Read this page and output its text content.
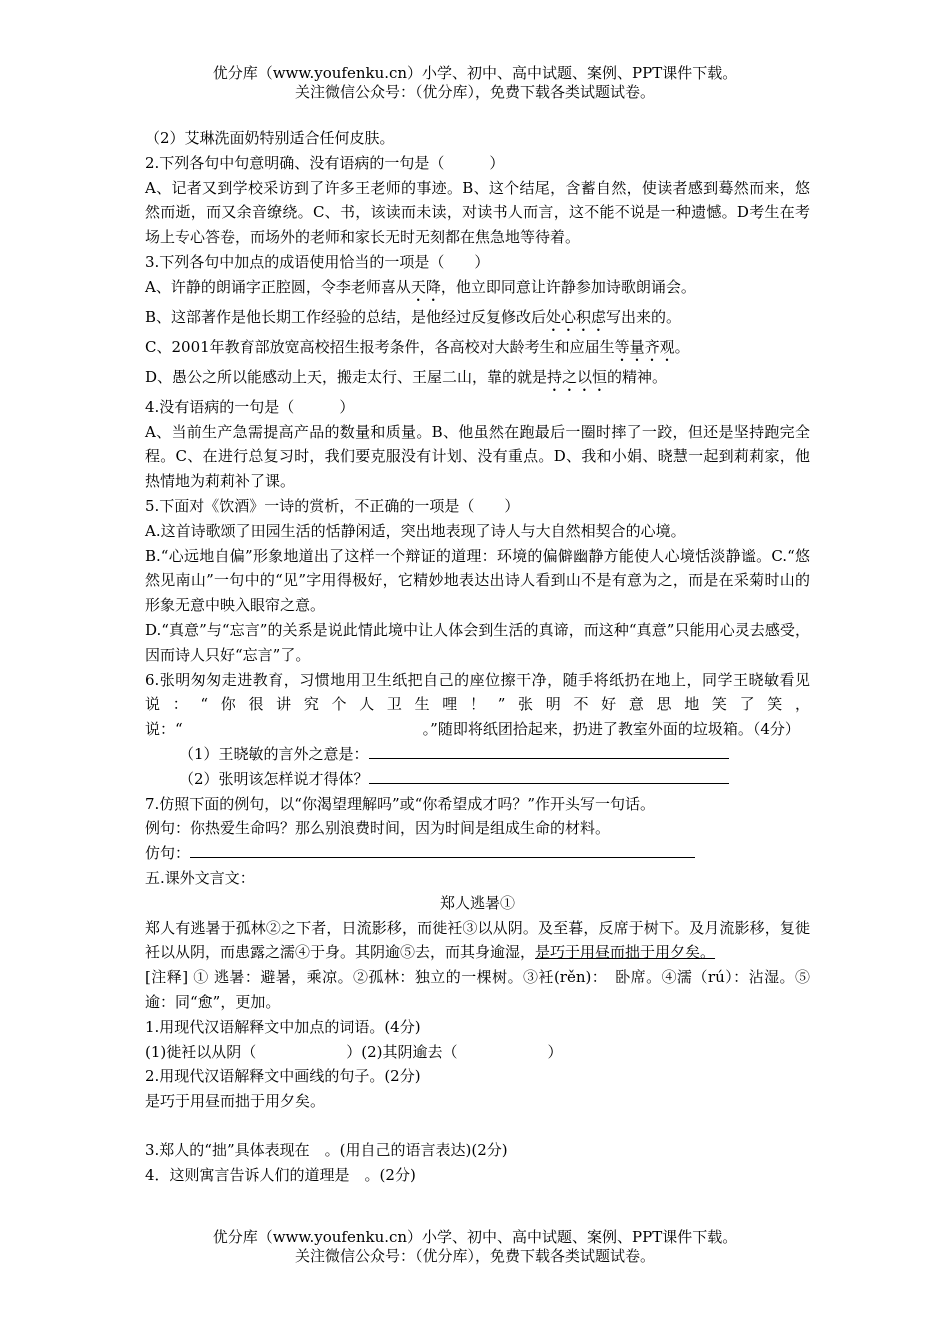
优分库（www.youfenku.cn）小学、初中、高中试题、案例、PPT课件下载。
关注微信公众号：（优分库），免费下载各类试题试卷。

（2）艾琳洗面奶特别适合任何皮肤。

2.下列各句中句意明确、没有语病的一句是（　　　）

A、记者又到学校采访到了许多王老师的事迹。B、这个结尾，含蓄自然，使读者感到蓦然而来，悠然而逝，而又余音缭绕。C、书，该读而未读，对读书人而言，这不能不说是一种遗憾。D考生在考场上专心答卷，而场外的老师和家长无时无刻都在焦急地等待着。

3.下列各句中加点的成语使用恰当的一项是（　　）

A、许静的朗诵字正腔圆，令李老师喜从天降，他立即同意让许静参加诗歌朗诵会。

B、这部著作是他长期工作经验的总结，是他经过反复修改后处心积虑写出来的。

C、2001年教育部放宽高校招生报考条件，各高校对大龄考生和应届生等量齐观。

D、愚公之所以能感动上天，搬走太行、王屋二山，靠的就是持之以恒的精神。

4.没有语病的一句是（　　　）

A、当前生产急需提高产品的数量和质量。B、他虽然在跑最后一圈时摔了一跤，但还是坚持跑完全程。C、在进行总复习时，我们要克服没有计划、没有重点。D、我和小娟、晓慧一起到莉莉家，他热情地为莉莉补了课。

5.下面对《饮酒》一诗的赏析，不正确的一项是（　　）

A.这首诗歌颂了田园生活的恬静闲适，突出地表现了诗人与大自然相契合的心境。

B.“心远地自偏”形象地道出了这样一个辩证的道理：环境的偏僻幽静方能使人心境恬淡静谧。C.“悠然见南山”一句中的“见”字用得极好，它精妙地表达出诗人看到山不是有意为之，而是在采菊时山的形象无意中映入眼帘之意。

D.“真意”与“忘言”的关系是说此情此境中让人体会到生活的真谛，而这种“真意”只能用心灵去感受，因而诗人只好“忘言”了。

6.张明匆匆走进教育，习惯地用卫生纸把自己的座位擦干净，随手将纸扔在地上，同学王晓敏看见说：“你很讲究个人卫生哩！”张明不好意思地笑了笑，说：“　　　　　　　　　　　　　　　　。”随即将纸团拾起来，扔进了教室外面的垃圾箱。（4分）

（1）王晓敏的言外之意是：

（2）张明该怎样说才得体？

7.仿照下面的例句，以“你渴望理解吗”或“你希望成才吗？”作开头写一句话。

例句：你热爱生命吗？那么别浪费时间，因为时间是组成生命的材料。

仿句：

五.课外文言文：

郑人逃暑①

郑人有逃暑于孤林②之下者，日流影移，而徙衽③以从阴。及至暮，反席于树下。及月流影移，复徙衽以从阴，而患露之濡④于身。其阴逾⑤去，而其身逾湿，是巧于用昼而拙于用夕矣。

[注释] ① 逃暑：避暑，乘凉。②孤林：独立的一棵树。③衽(rěn)：　卧席。④濡（rú）：沾湿。⑤逾：同“愈”，更加。

1.用现代汉语解释文中加点的词语。(4分)

(1)徙衽以从阴（　　　　　　）(2)其阴逾去（　　　　　　）

2.用现代汉语解释文中画线的句子。(2分)

是巧于用昼而拙于用夕矣。

3.郑人的“拙”具体表现在　。(用自己的语言表达)(2分)

4．这则寓言告诉人们的道理是　。(2分)

优分库（www.youfenku.cn）小学、初中、高中试题、案例、PPT课件下载。
关注微信公众号：（优分库），免费下载各类试题试卷。
